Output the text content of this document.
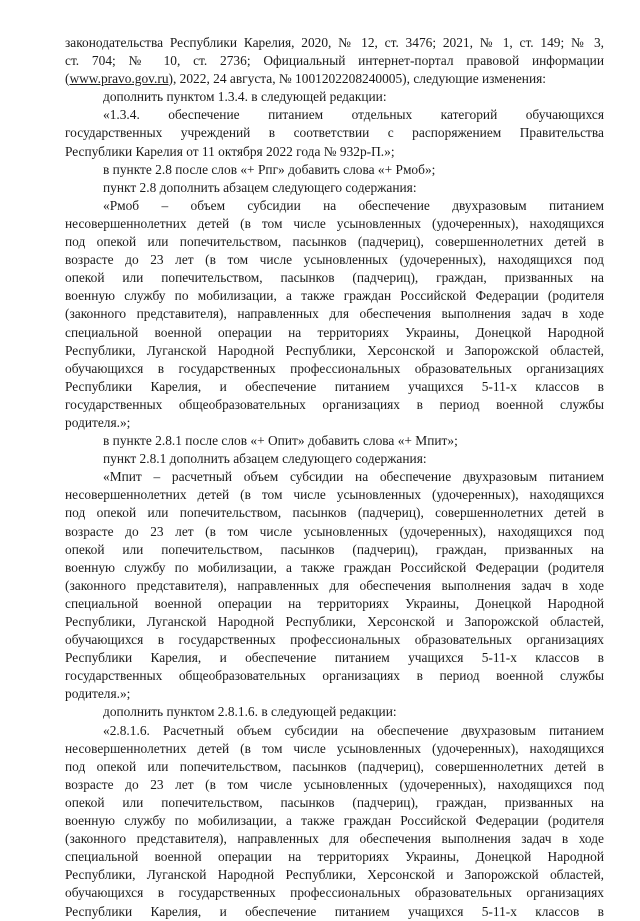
законодательства Республики Карелия, 2020, № 12, ст. 3476; 2021, № 1, ст. 149; № 3,
ст. 704; № 10, ст. 2736; Официальный интернет-портал правовой информации
(www.pravo.gov.ru), 2022, 24 августа, № 1001202208240005), следующие изменения:
дополнить пунктом 1.3.4. в следующей редакции:
«1.3.4. обеспечение питанием отдельных категорий обучающихся
государственных учреждений в соответствии с распоряжением Правительства
Республики Карелия от 11 октября 2022 года № 932р-П.»;
в пункте 2.8 после слов «+ Рпг» добавить слова «+ Рмоб»;
пункт 2.8 дополнить абзацем следующего содержания:
«Рмоб – объем субсидии на обеспечение двухразовым питанием
несовершеннолетних детей (в том числе усыновленных (удочеренных), находящихся
под опекой или попечительством, пасынков (падчериц), совершеннолетних детей в
возрасте до 23 лет (в том числе усыновленных (удочеренных), находящихся под
опекой или попечительством, пасынков (падчериц), граждан, призванных на
военную службу по мобилизации, а также граждан Российской Федерации (родителя
(законного представителя), направленных для обеспечения выполнения задач в ходе
специальной военной операции на территориях Украины, Донецкой Народной
Республики, Луганской Народной Республики, Херсонской и Запорожской областей,
обучающихся в государственных профессиональных образовательных организациях
Республики Карелия, и обеспечение питанием учащихся 5-11-х классов в
государственных общеобразовательных организациях в период военной службы
родителя.»;
в пункте 2.8.1 после слов «+ Опит» добавить слова «+ Мпит»;
пункт 2.8.1 дополнить абзацем следующего содержания:
«Мпит – расчетный объем субсидии на обеспечение двухразовым питанием
несовершеннолетних детей (в том числе усыновленных (удочеренных), находящихся
под опекой или попечительством, пасынков (падчериц), совершеннолетних детей в
возрасте до 23 лет (в том числе усыновленных (удочеренных), находящихся под
опекой или попечительством, пасынков (падчериц), граждан, призванных на
военную службу по мобилизации, а также граждан Российской Федерации (родителя
(законного представителя), направленных для обеспечения выполнения задач в ходе
специальной военной операции на территориях Украины, Донецкой Народной
Республики, Луганской Народной Республики, Херсонской и Запорожской областей,
обучающихся в государственных профессиональных образовательных организациях
Республики Карелия, и обеспечение питанием учащихся 5-11-х классов в
государственных общеобразовательных организациях в период военной службы
родителя.»;
дополнить пунктом 2.8.1.6. в следующей редакции:
«2.8.1.6. Расчетный объем субсидии на обеспечение двухразовым питанием
несовершеннолетних детей (в том числе усыновленных (удочеренных), находящихся
под опекой или попечительством, пасынков (падчериц), совершеннолетних детей в
возрасте до 23 лет (в том числе усыновленных (удочеренных), находящихся под
опекой или попечительством, пасынков (падчериц), граждан, призванных на
военную службу по мобилизации, а также граждан Российской Федерации (родителя
(законного представителя), направленных для обеспечения выполнения задач в ходе
специальной военной операции на территориях Украины, Донецкой Народной
Республики, Луганской Народной Республики, Херсонской и Запорожской областей,
обучающихся в государственных профессиональных образовательных организациях
Республики Карелия, и обеспечение питанием учащихся 5-11-х классов в
